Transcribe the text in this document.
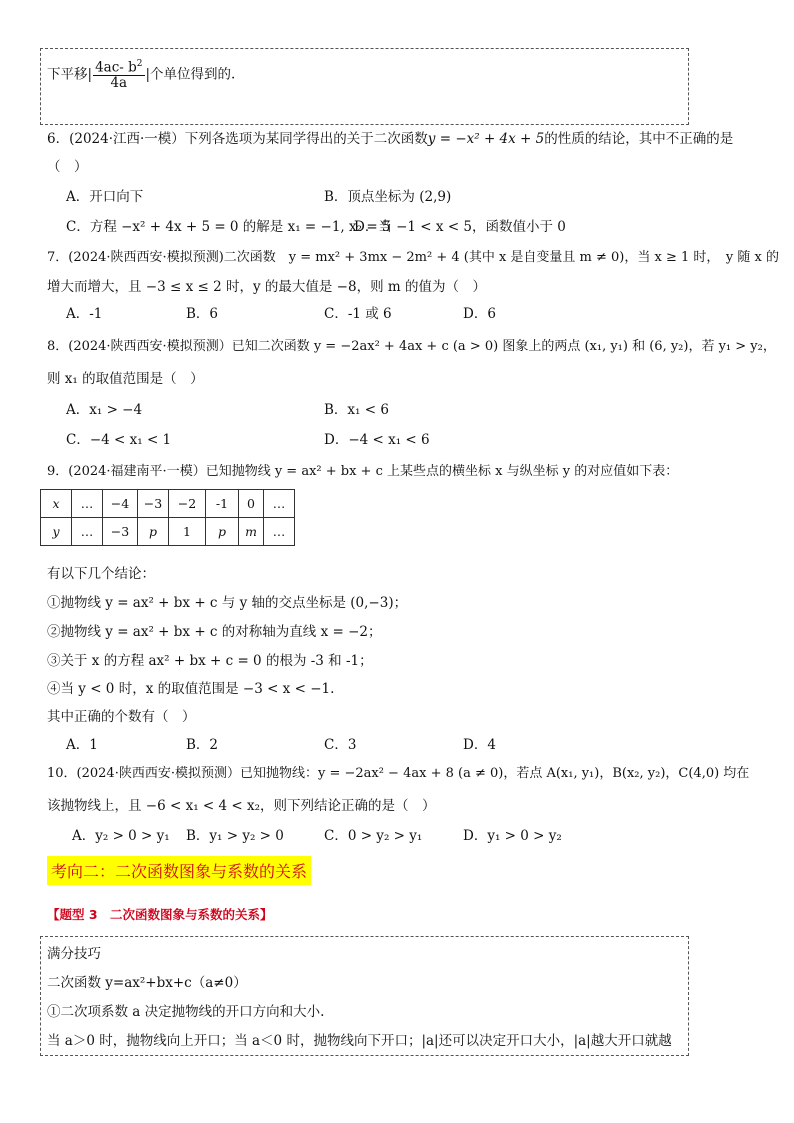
下平移| $\frac{4ac- b^2}{4a}$ |个单位得到的.
6．(2024·江西·一模）下列各选项为某同学得出的关于二次函数y = −x² + 4x + 5的性质的结论，其中不正确的是
（　）
A．开口向下	B．顶点坐标为 (2,9)
C．方程 −x² + 4x + 5 = 0 的解是 x₁ = −1, x₂ = 5
D．当 −1 < x < 5，函数值小于 0
7．(2024·陕西西安·模拟预测)二次函数　y = mx² + 3mx − 2m² + 4 (其中 x 是自变量且 m ≠ 0)，当 x ≥ 1 时，　y 随 x 的
增大而增大，且 −3 ≤ x ≤ 2 时，y 的最大值是 −8，则 m 的值为（　）
A．-1	B．6	C．-1 或 6	D．6
8．(2024·陕西西安·模拟预测）已知二次函数 y = −2ax² + 4ax + c (a > 0) 图象上的两点 (x₁, y₁) 和 (6, y₂)，若 y₁ > y₂，
则 x₁ 的取值范围是（　）
A．x₁ > −4	B．x₁ < 6
C．−4 < x₁ < 1	D．−4 < x₁ < 6
9．(2024·福建南平·一模）已知抛物线 y = ax² + bx + c 上某些点的横坐标 x 与纵坐标 y 的对应值如下表：
x	…	−4	−3	−2	-1	0	…
y	…	−3	p	1	p	m	…
有以下几个结论：
①抛物线 y = ax² + bx + c 与 y 轴的交点坐标是 (0,−3)；
②抛物线 y = ax² + bx + c 的对称轴为直线 x = −2；
③关于 x 的方程 ax² + bx + c = 0 的根为 -3 和 -1；
④当 y < 0 时，x 的取值范围是 −3 < x < −1.
其中正确的个数有（　）
A．1	B．2	C．3	D．4
10．(2024·陕西西安·模拟预测）已知抛物线：y = −2ax² − 4ax + 8 (a ≠ 0)，若点 A(x₁, y₁)，B(x₂, y₂)，C(4,0) 均在
该抛物线上，且 −6 < x₁ < 4 < x₂，则下列结论正确的是（　）
A．y₂ > 0 > y₁ B．y₁ > y₂ > 0	C．0 > y₂ > y₁	D．y₁ > 0 > y₂
考向二：二次函数图象与系数的关系
【题型 3　二次函数图象与系数的关系】
满分技巧
二次函数 y=ax²+bx+c（a≠0）
①二次项系数 a 决定抛物线的开口方向和大小.
当 a＞0 时，抛物线向上开口；当 a＜0 时，抛物线向下开口；|a|还可以决定开口大小，|a|越大开口就越
